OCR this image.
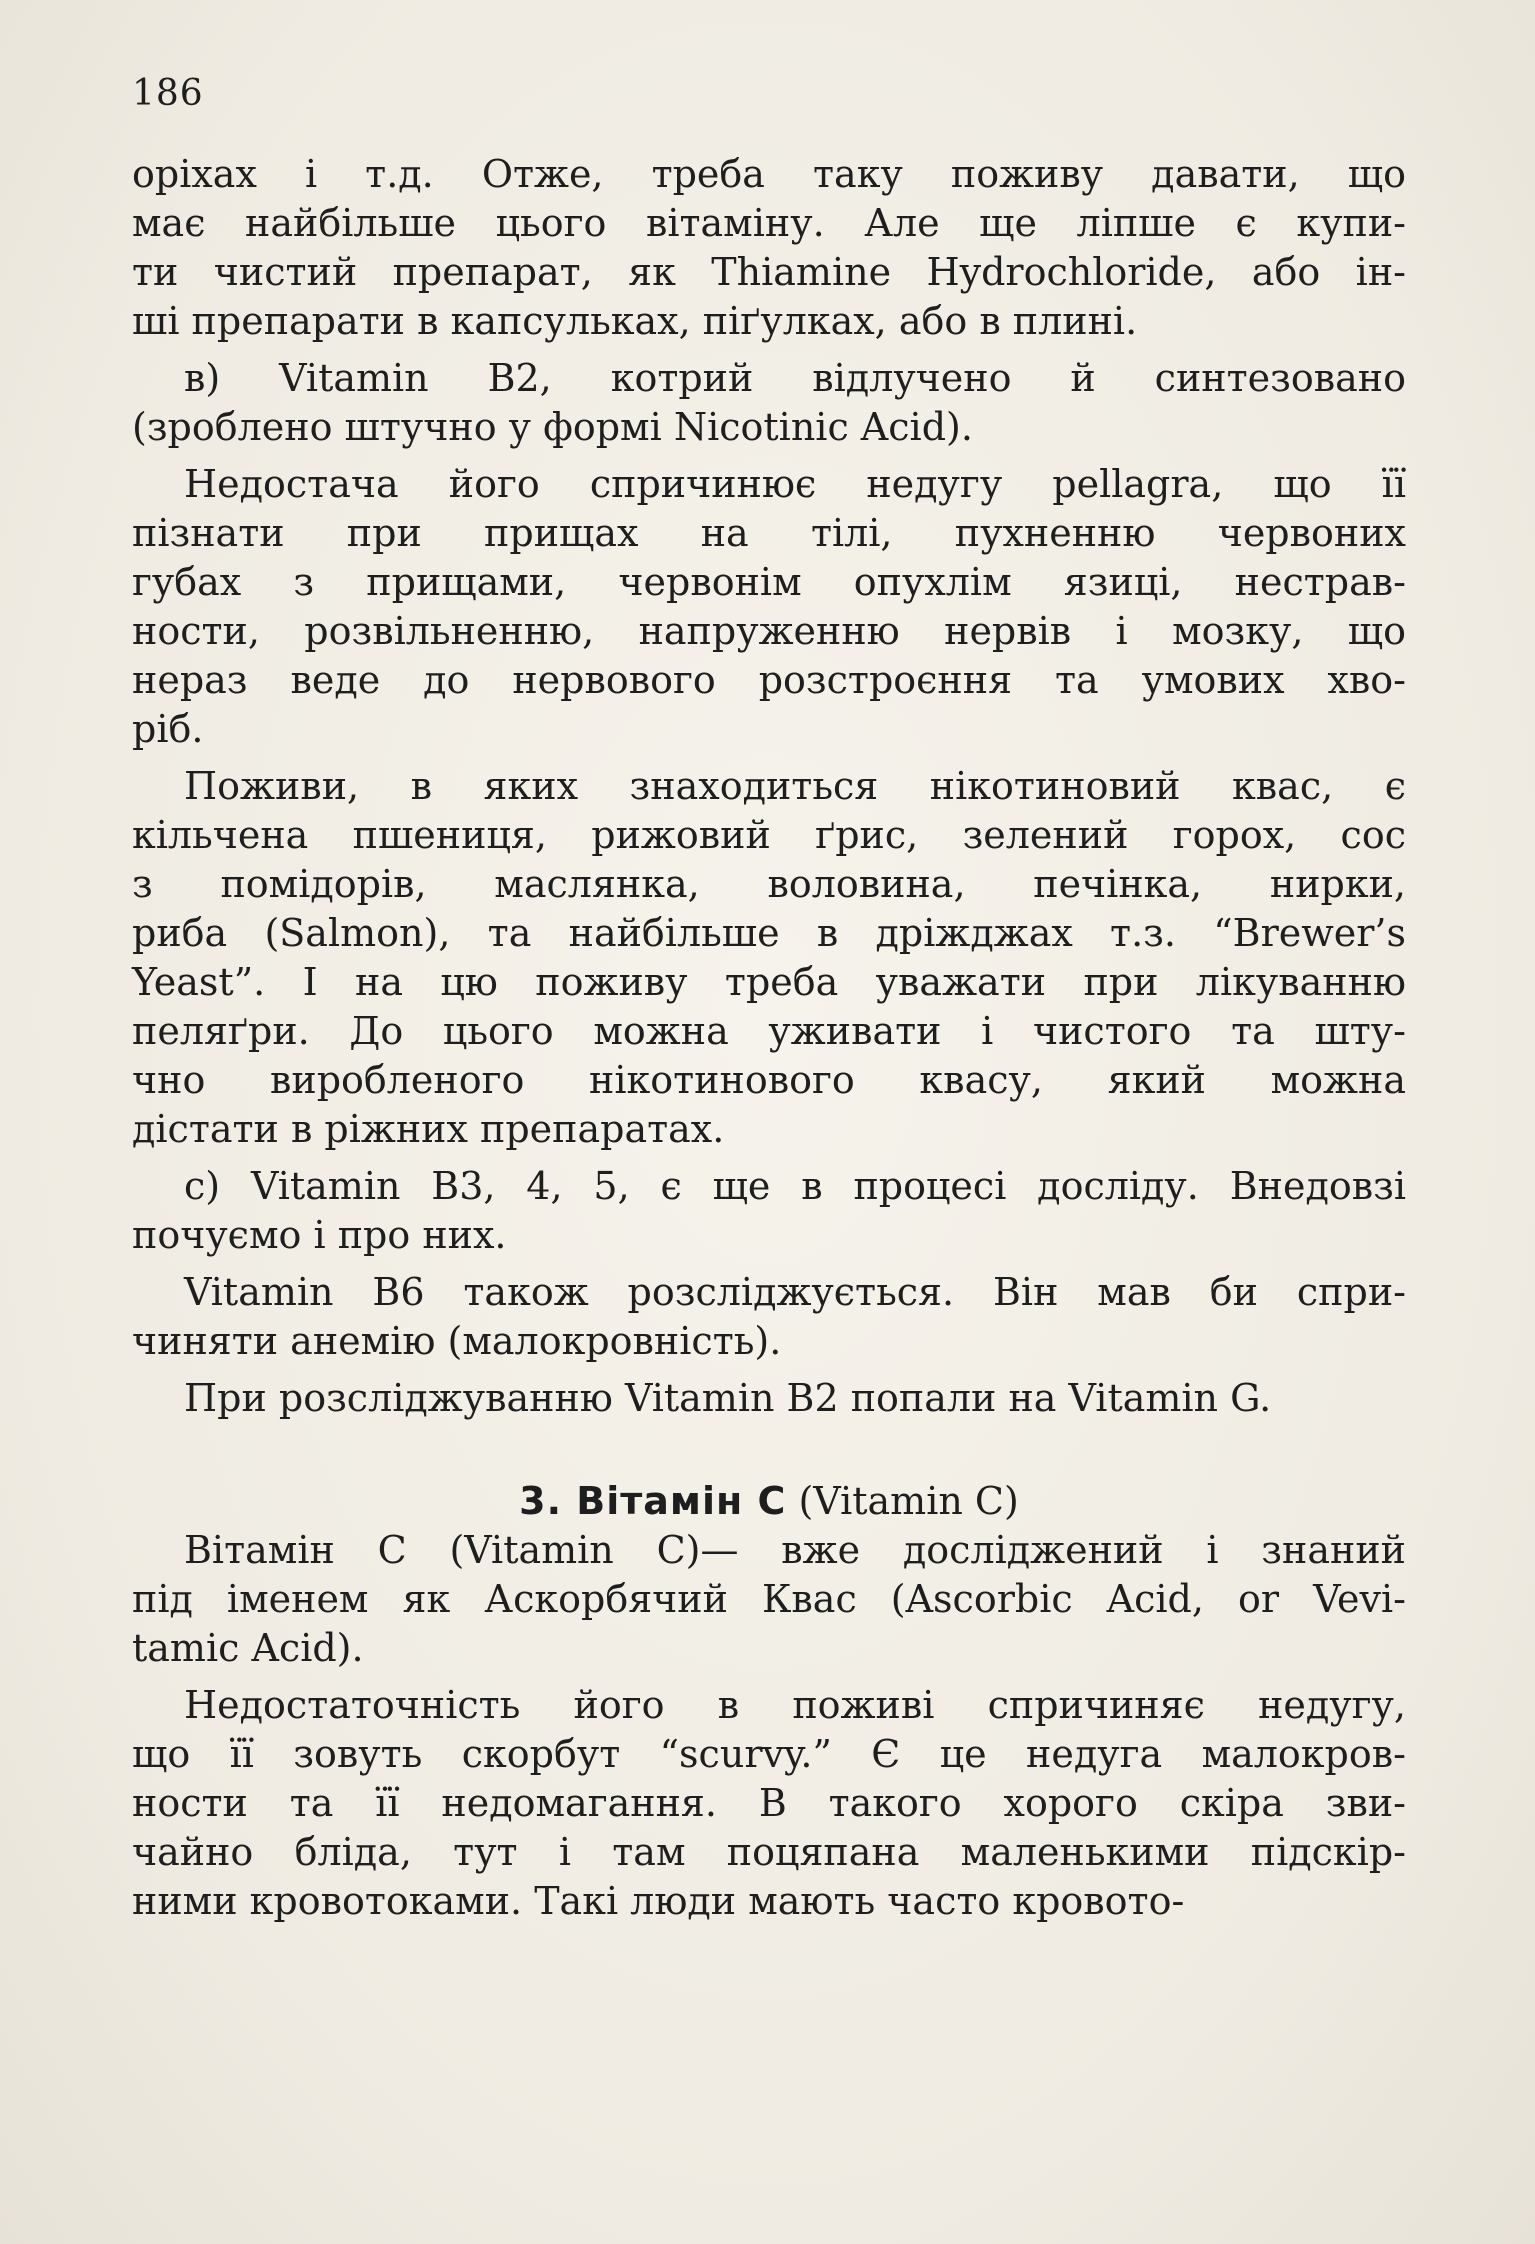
186
оріхах і т.д. Отже, треба таку поживу давати, що
має найбільше цього вітаміну. Але ще ліпше є купи-
ти чистий препарат, як Thiamine Hydrochloride, або ін-
ші препарати в капсульках, піґулках, або в плині.
в) Vitamin B2, котрий відлучено й синтезовано
(зроблено штучно у формі Nicotinic Acid).
Недостача його спричинює недугу pellagra, що її
пізнати при прищах на тілі, пухненню червоних
губах з прищами, червонім опухлім язиці, нестрав-
ности, розвільненню, напруженню нервів і мозку, що
нераз веде до нервового розстроєння та умових хво-
ріб.
Поживи, в яких знаходиться нікотиновий квас, є
кільчена пшениця, рижовий ґрис, зелений горох, сос
з помідорів, маслянка, воловина, печінка, нирки,
риба (Salmon), та найбільше в дріжджах т.з. “Brewer’s
Yeast”. І на цю поживу треба уважати при лікуванню
пеляґри. До цього можна уживати і чистого та шту-
чно виробленого нікотинового квасу, який можна
дістати в ріжних препаратах.
с) Vitamin B3, 4, 5, є ще в процесі досліду. Внедовзі
почуємо і про них.
Vitamin B6 також розсліджується. Він мав би спри-
чиняти анемію (малокровність).
При розсліджуванню Vitamin B2 попали на Vitamin G.
3. Вітамін С (Vitamin C)
Вітамін С (Vitamin C)— вже досліджений і знаний
під іменем як Аскорбячий Квас (Ascorbic Acid, or Vevi-
tamic Acid).
Недостаточність його в поживі спричиняє недугу,
що її зовуть скорбут “scurvy.” Є це недуга малокров-
ности та її недомагання. В такого хорого скіра зви-
чайно бліда, тут і там поцяпана маленькими підскір-
ними кровотоками. Такі люди мають часто кровото-
